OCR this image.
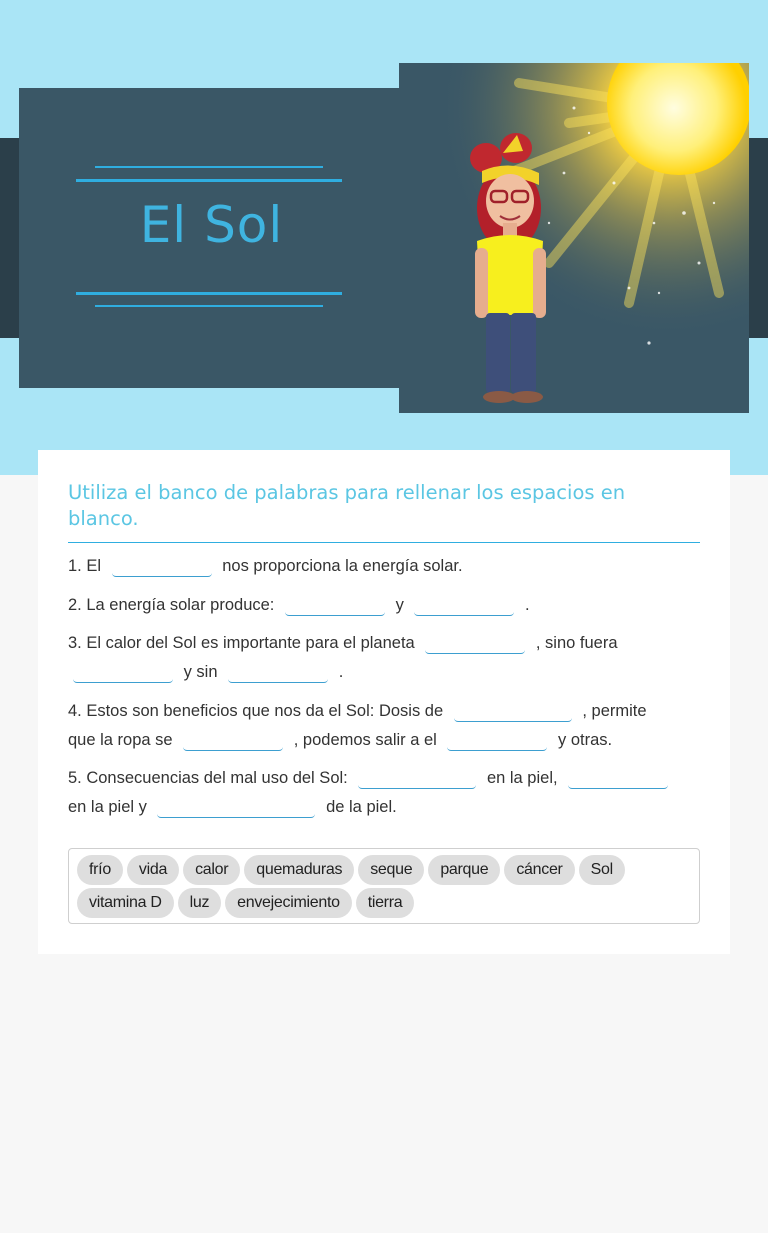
El Sol
Utiliza el banco de palabras para rellenar los espacios en blanco.
1. El	nos proporciona la energía solar.
2. La energía solar produce:	y	.
3. El calor del Sol es importante para el planeta	, sino fuera
y sin	.
4. Estos son beneficios que nos da el Sol: Dosis de	, permite
que la ropa se	, podemos salir a el	y otras.
5. Consecuencias del mal uso del Sol:	en la piel,
en la piel y	de la piel.
frío vida calor quemaduras seque parque cáncer Solvitamina D luz envejecimiento tierra
